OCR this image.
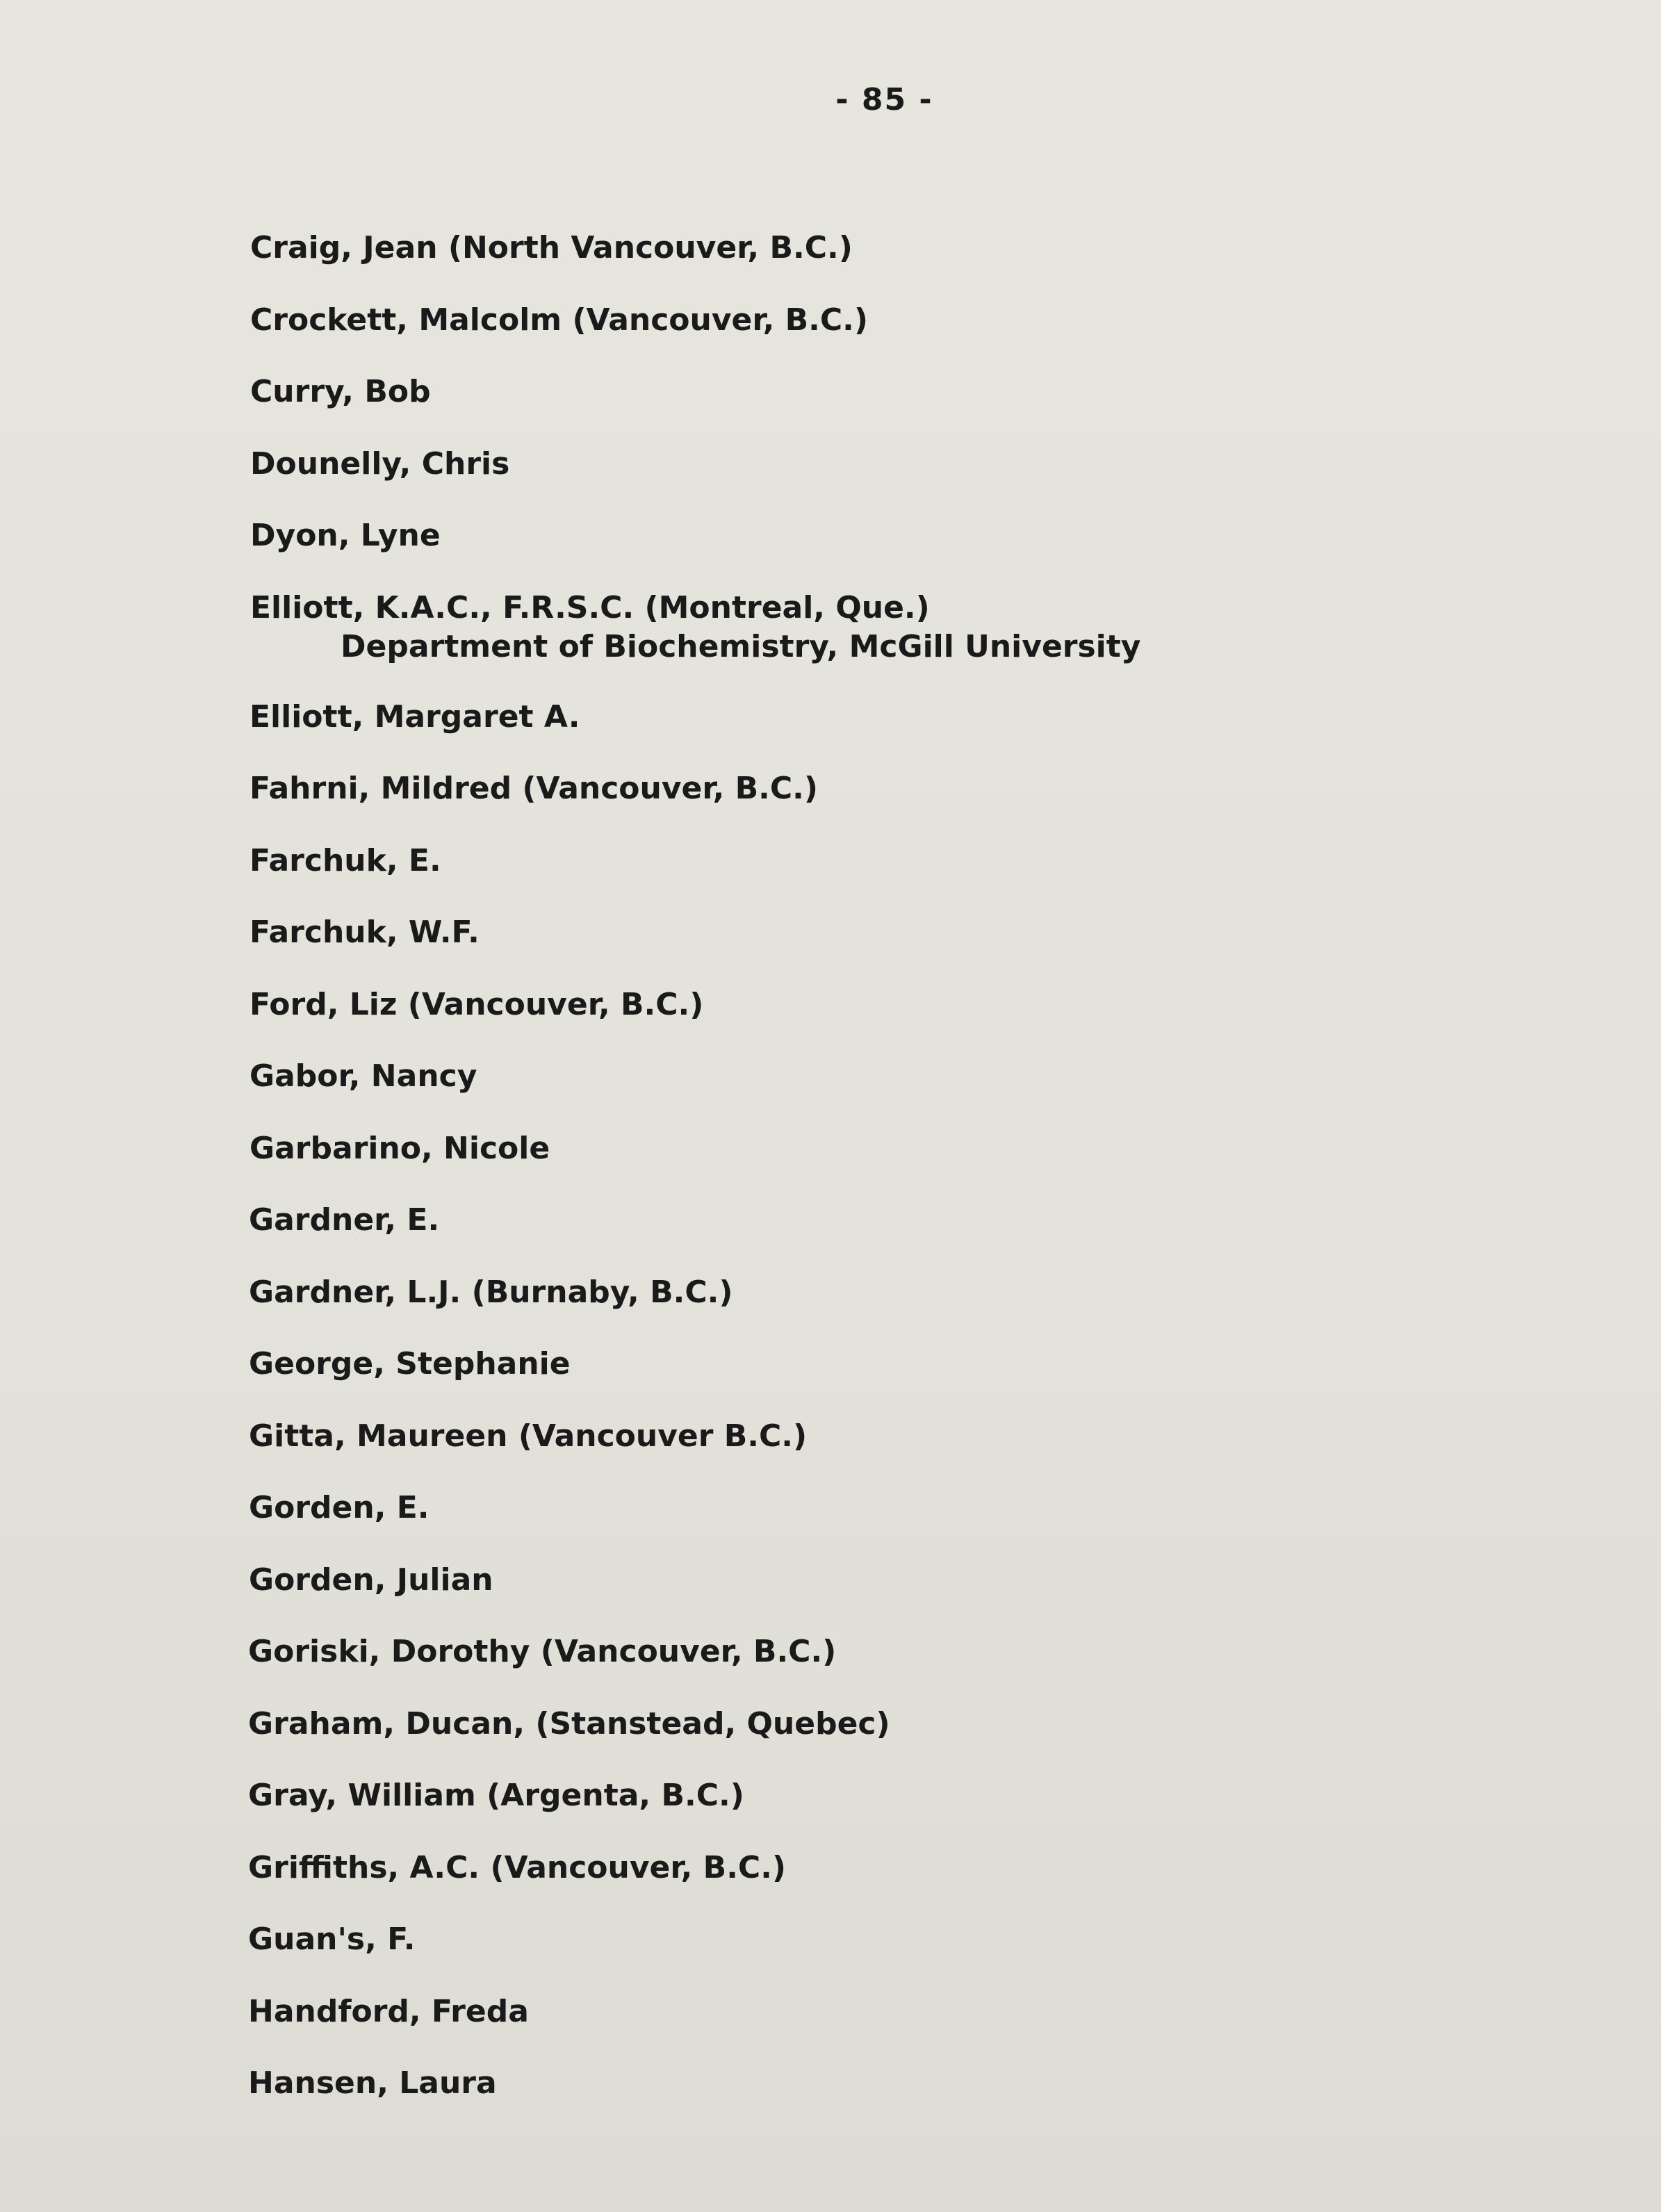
- 85 -
Craig, Jean (North Vancouver, B.C.)
Crockett, Malcolm (Vancouver, B.C.)
Curry, Bob
Dounelly, Chris
Dyon, Lyne
Elliott, K.A.C., F.R.S.C. (Montreal, Que.)
Department of Biochemistry, McGill University
Elliott, Margaret A.
Fahrni, Mildred (Vancouver, B.C.)
Farchuk, E.
Farchuk, W.F.
Ford, Liz (Vancouver, B.C.)
Gabor, Nancy
Garbarino, Nicole
Gardner, E.
Gardner, L.J. (Burnaby, B.C.)
George, Stephanie
Gitta, Maureen (Vancouver B.C.)
Gorden, E.
Gorden, Julian
Goriski, Dorothy (Vancouver, B.C.)
Graham, Ducan, (Stanstead, Quebec)
Gray, William (Argenta, B.C.)
Griffiths, A.C. (Vancouver, B.C.)
Guan's, F.
Handford, Freda
Hansen, Laura
